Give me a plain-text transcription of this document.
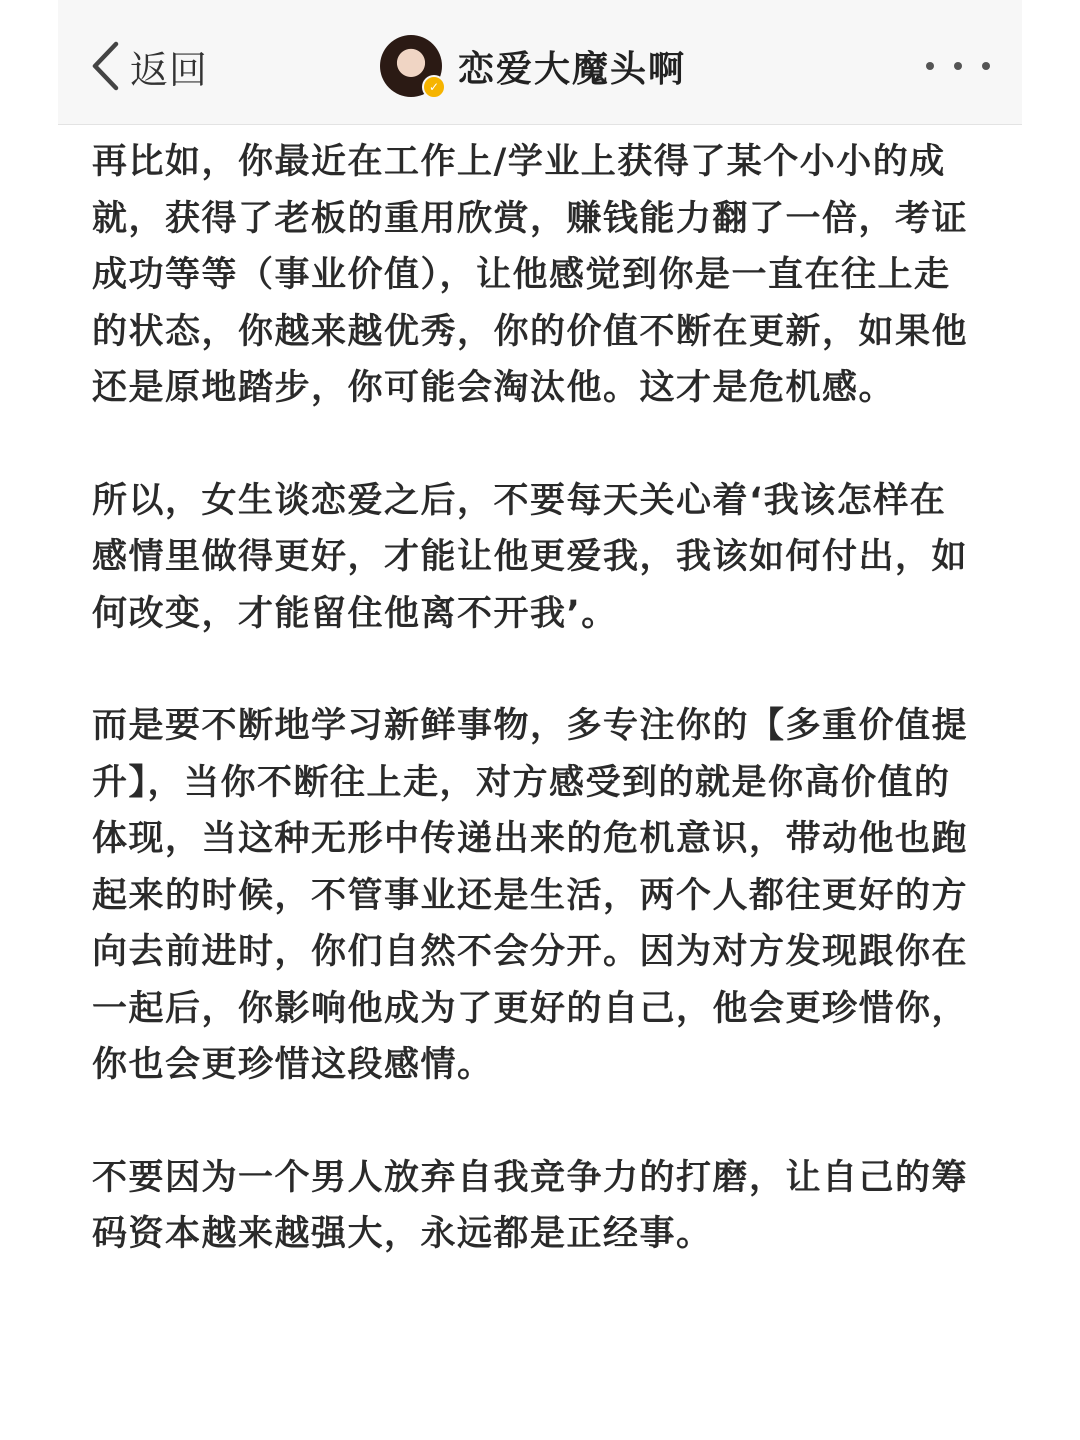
返回	✓ 恋爱大魔头啊

再比如，你最近在工作上/学业上获得了某个小小的成就，获得了老板的重用欣赏，赚钱能力翻了一倍，考证成功等等（事业价值），让他感觉到你是一直在往上走的状态，你越来越优秀，你的价值不断在更新，如果他还是原地踏步，你可能会淘汰他。这才是危机感。

所以，女生谈恋爱之后，不要每天关心着‘我该怎样在感情里做得更好，才能让他更爱我，我该如何付出，如何改变，才能留住他离不开我’。

而是要不断地学习新鲜事物，多专注你的【多重价值提升】，当你不断往上走，对方感受到的就是你高价值的体现，当这种无形中传递出来的危机意识，带动他也跑起来的时候，不管事业还是生活，两个人都往更好的方向去前进时，你们自然不会分开。因为对方发现跟你在一起后，你影响他成为了更好的自己，他会更珍惜你，你也会更珍惜这段感情。

不要因为一个男人放弃自我竞争力的打磨，让自己的筹码资本越来越强大，永远都是正经事。
